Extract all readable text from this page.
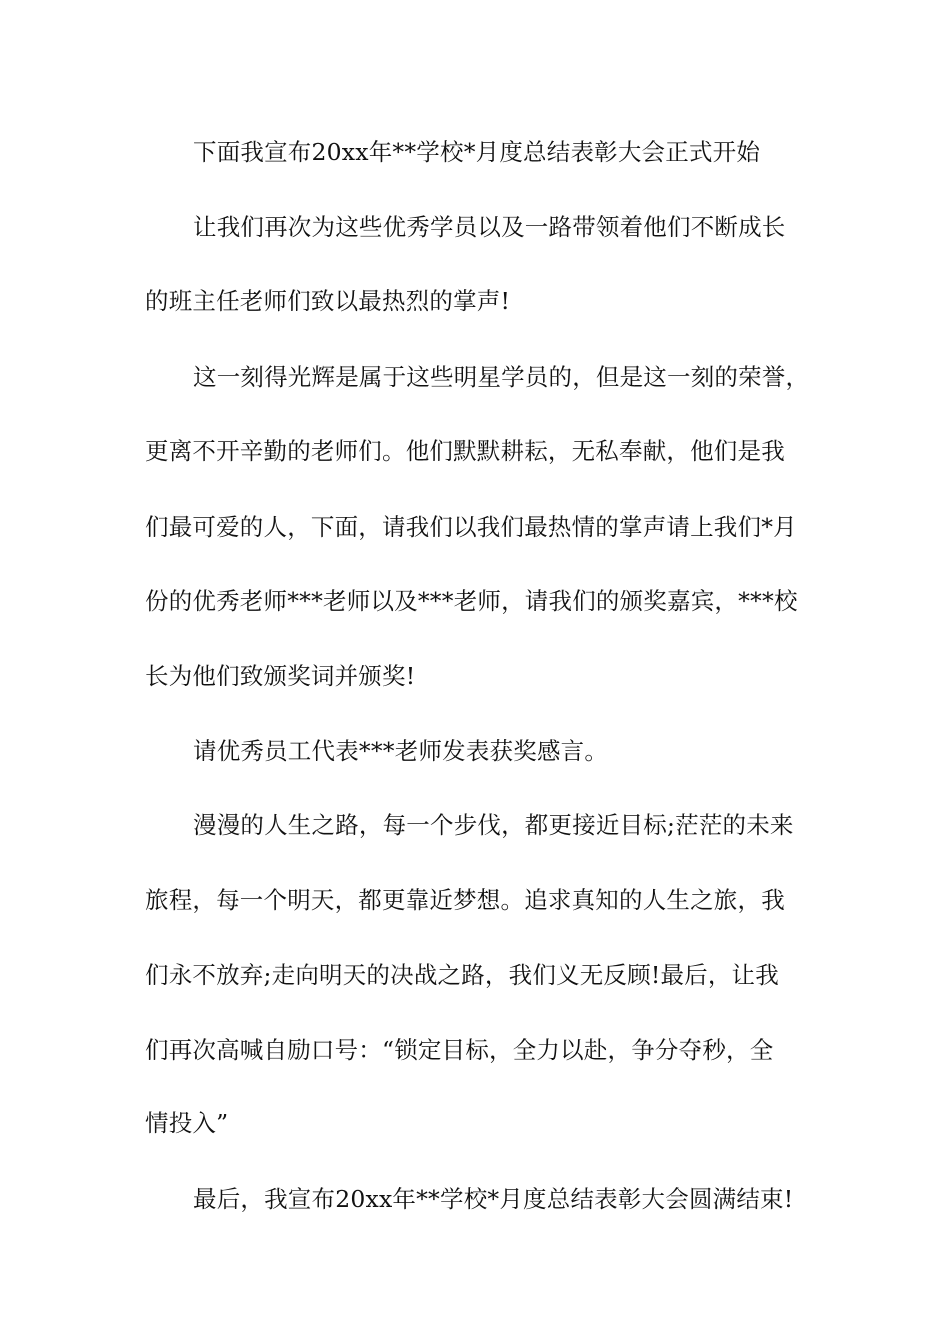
下面我宣布20xx年**学校*月度总结表彰大会正式开始
让我们再次为这些优秀学员以及一路带领着他们不断成长
的班主任老师们致以最热烈的掌声!
这一刻得光辉是属于这些明星学员的，但是这一刻的荣誉，
更离不开辛勤的老师们。他们默默耕耘，无私奉献，他们是我
们最可爱的人，下面，请我们以我们最热情的掌声请上我们*月
份的优秀老师***老师以及***老师，请我们的颁奖嘉宾，***校
长为他们致颁奖词并颁奖!
请优秀员工代表***老师发表获奖感言。
漫漫的人生之路，每一个步伐，都更接近目标;茫茫的未来
旅程，每一个明天，都更靠近梦想。追求真知的人生之旅，我
们永不放弃;走向明天的决战之路，我们义无反顾!最后，让我
们再次高喊自励口号：“锁定目标，全力以赴，争分夺秒，全
情投入”
最后，我宣布20xx年**学校*月度总结表彰大会圆满结束!
